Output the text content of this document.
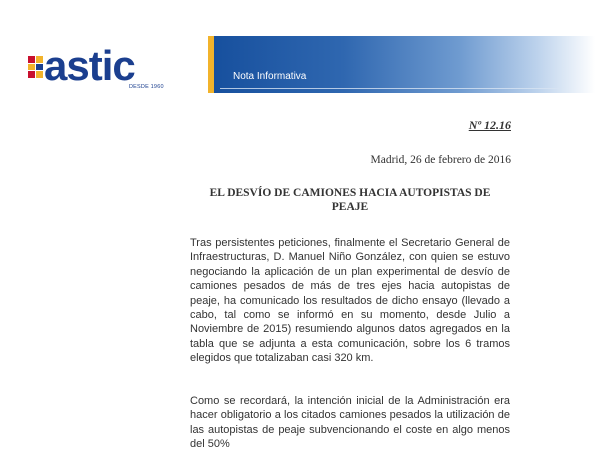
astic
DESDE 1960
Nota Informativa
Nº 12.16
Madrid, 26 de febrero de 2016
EL DESVÍO DE CAMIONES HACIA AUTOPISTAS DE PEAJE

Tras persistentes peticiones, finalmente el Secretario General de Infraestructuras, D. Manuel Niño González, con quien se estuvo negociando la aplicación de un plan experimental de desvío de camiones pesados de más de tres ejes hacia autopistas de peaje, ha comunicado los resultados de dicho ensayo (llevado a cabo, tal como se informó en su momento, desde Julio a Noviembre de 2015) resumiendo algunos datos agregados en la tabla que se adjunta a esta comunicación, sobre los 6 tramos elegidos que totalizaban casi 320 km.

Como se recordará, la intención inicial de la Administración era hacer obligatorio a los citados camiones pesados la utilización de las autopistas de peaje subvencionando el coste en algo menos del 50%
